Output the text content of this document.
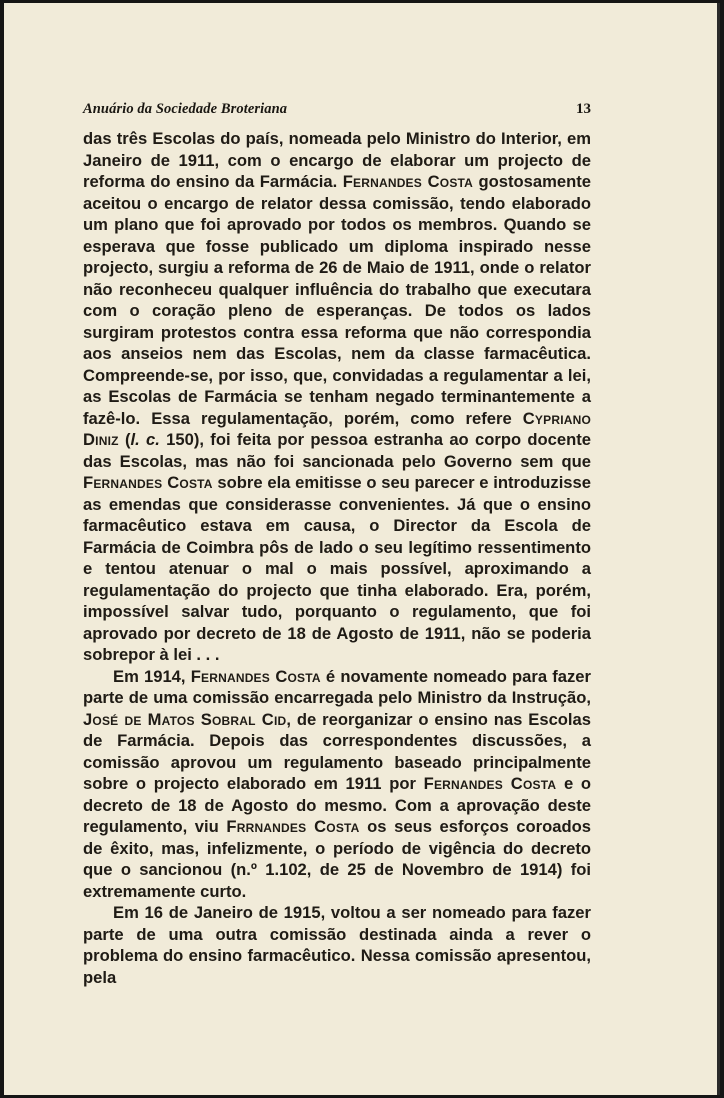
Anuário da Sociedade Broteriana	13

das três Escolas do país, nomeada pelo Ministro do Interior, em Janeiro de 1911, com o encargo de elaborar um projecto de reforma do ensino da Farmácia. Fernandes Costa gostosamente aceitou o encargo de relator dessa comissão, tendo elaborado um plano que foi aprovado por todos os membros. Quando se esperava que fosse publicado um diploma inspirado nesse projecto, surgiu a reforma de 26 de Maio de 1911, onde o relator não reconheceu qualquer influência do trabalho que executara com o coração pleno de esperanças. De todos os lados surgiram protestos contra essa reforma que não correspondia aos anseios nem das Escolas, nem da classe farmacêutica. Compreende-se, por isso, que, convidadas a regulamentar a lei, as Escolas de Farmácia se tenham negado terminantemente a fazê-lo. Essa regulamentação, porém, como refere Cypriano Diniz (l. c. 150), foi feita por pessoa estranha ao corpo docente das Escolas, mas não foi sancionada pelo Governo sem que Fernandes Costa sobre ela emitisse o seu parecer e introduzisse as emendas que considerasse convenientes. Já que o ensino farmacêutico estava em causa, o Director da Escola de Farmácia de Coimbra pôs de lado o seu legítimo ressentimento e tentou atenuar o mal o mais possível, aproximando a regulamentação do projecto que tinha elaborado. Era, porém, impossível salvar tudo, porquanto o regulamento, que foi aprovado por decreto de 18 de Agosto de 1911, não se poderia sobrepor à lei . . .

Em 1914, Fernandes Costa é novamente nomeado para fazer parte de uma comissão encarregada pelo Ministro da Instrução, José de Matos Sobral Cid, de reorganizar o ensino nas Escolas de Farmácia. Depois das correspondentes discussões, a comissão aprovou um regulamento baseado principalmente sobre o projecto elaborado em 1911 por Fernandes Costa e o decreto de 18 de Agosto do mesmo. Com a aprovação deste regulamento, viu Frrnandes Costa os seus esforços coroados de êxito, mas, infelizmente, o período de vigência do decreto que o sancionou (n.º 1.102, de 25 de Novembro de 1914) foi extremamente curto.

Em 16 de Janeiro de 1915, voltou a ser nomeado para fazer parte de uma outra comissão destinada ainda a rever o problema do ensino farmacêutico. Nessa comissão apresentou, pela
